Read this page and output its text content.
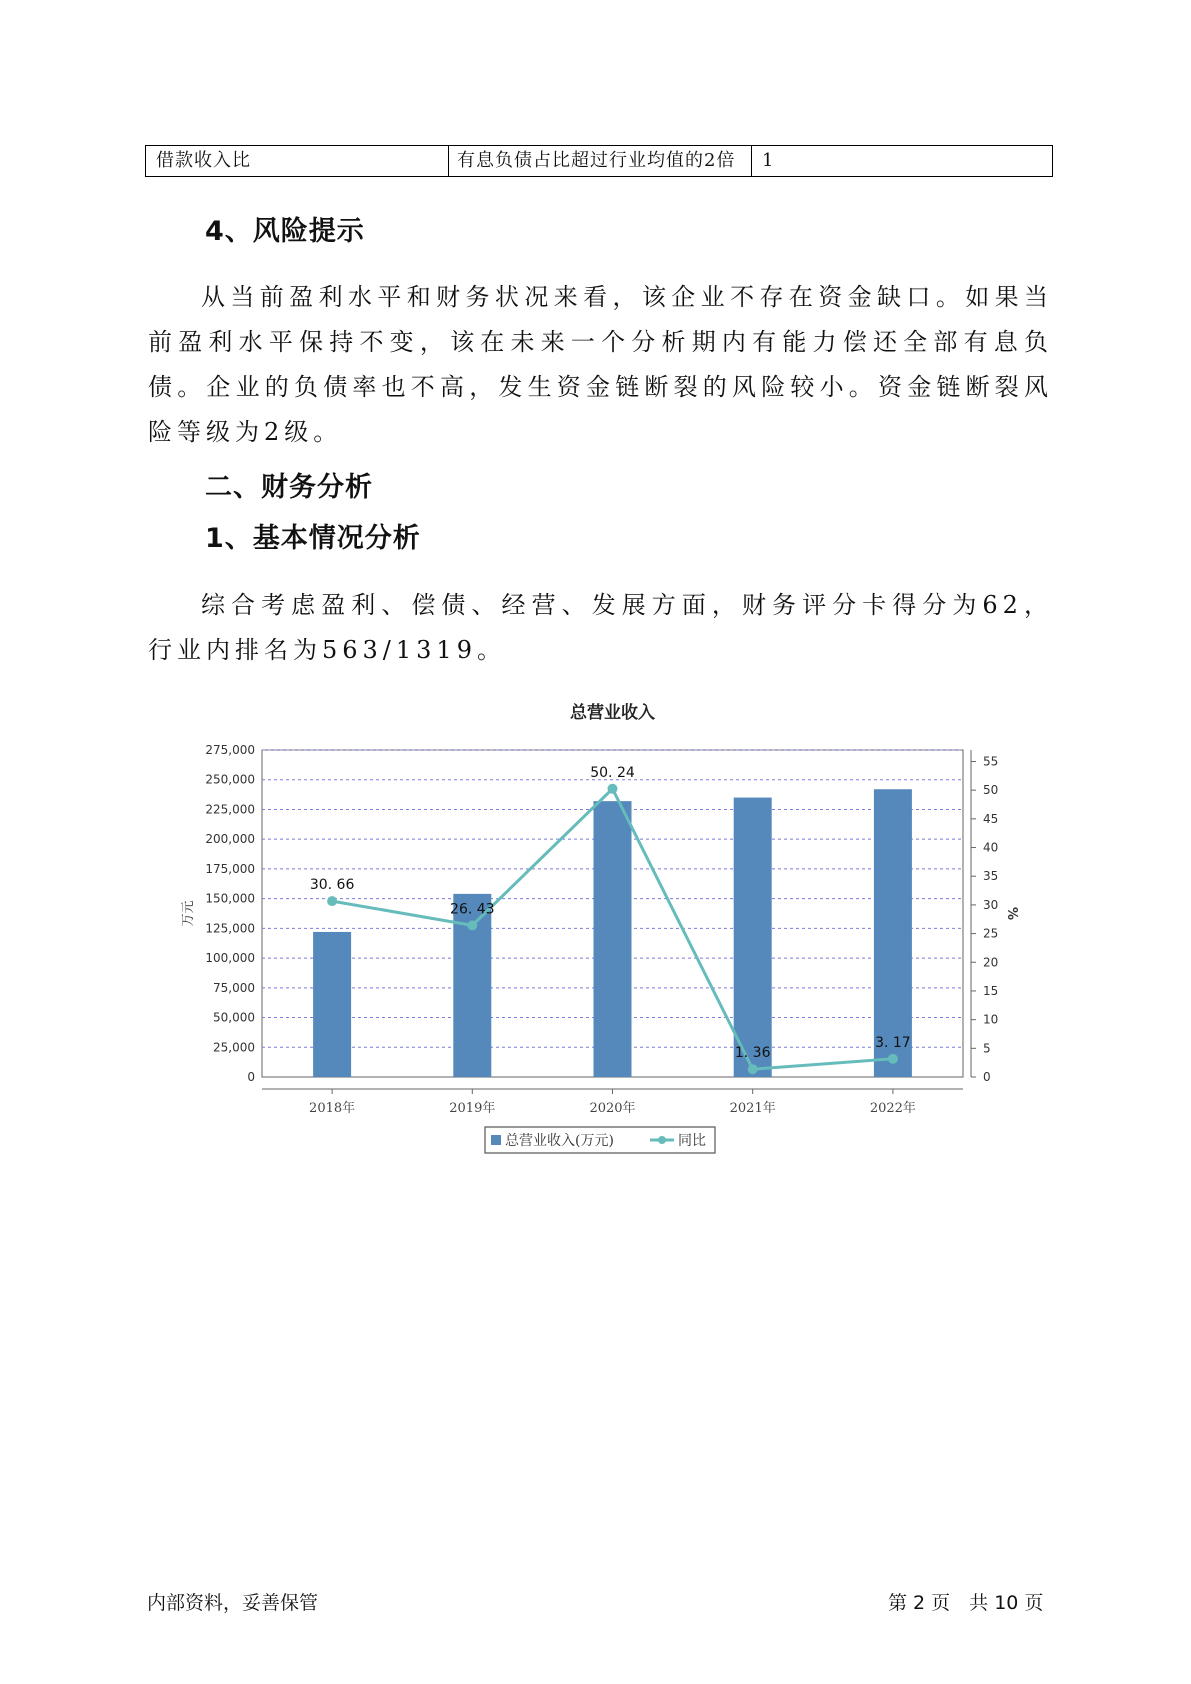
借款收入比	有息负债占比超过行业均值的2倍	1
4、风险提示

从当前盈利水平和财务状况来看，该企业不存在资金缺口。如果当前盈利水平保持不变，该在未来一个分析期内有能力偿还全部有息负债。企业的负债率也不高，发生资金链断裂的风险较小。资金链断裂风险等级为2级。

二、财务分析
1、基本情况分析

综合考虑盈利、偿债、经营、发展方面，财务评分卡得分为62，行业内排名为563/1319。

总营业收入
0
25,000
50,000
75,000
100,000
125,000
150,000
175,000
200,000
225,000
250,000
275,000
0
5
10
15
20
25
30
35
40
45
50
55
万元	%
2018年	2019年	2020年	2021年	2022年
30. 66
26. 43
50. 24
1. 36
3. 17
总营业收入(万元)	同比
内部资料，妥善保管	第 2 页　共 10 页
